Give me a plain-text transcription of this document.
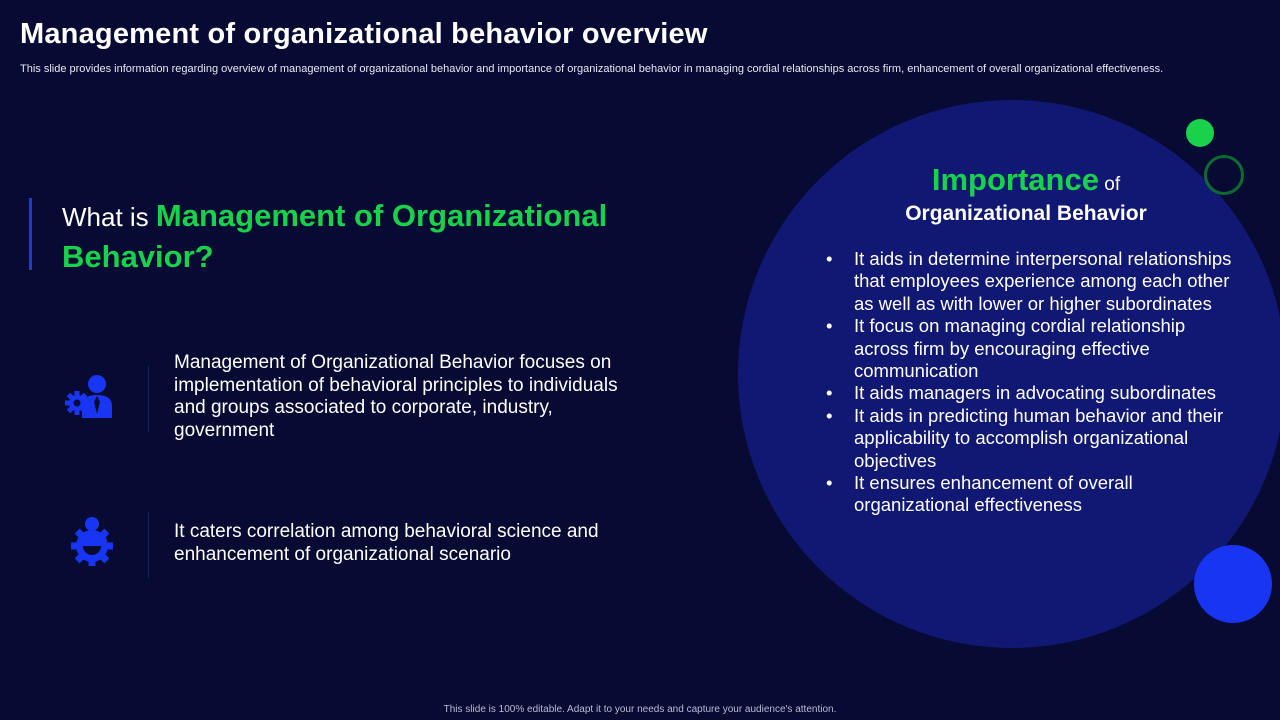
Management of organizational behavior overview

This slide provides information regarding overview of management of organizational behavior and importance of organizational behavior in managing cordial relationships across firm, enhancement of overall organizational effectiveness.

What is Management of Organizational Behavior?

Management of Organizational Behavior focuses on implementation of behavioral principles to individuals and groups associated to corporate, industry, government

It caters correlation among behavioral science and enhancement of organizational scenario

Importance of

Organizational Behavior

• It aids in determine interpersonal relationships that employees experience among each other as well as with lower or higher subordinates
• It focus on managing cordial relationship across firm by encouraging effective communication
• It aids managers in advocating subordinates
• It aids in predicting human behavior and their applicability to accomplish organizational objectives
• It ensures enhancement of overall organizational effectiveness
This slide is 100% editable. Adapt it to your needs and capture your audience's attention.
